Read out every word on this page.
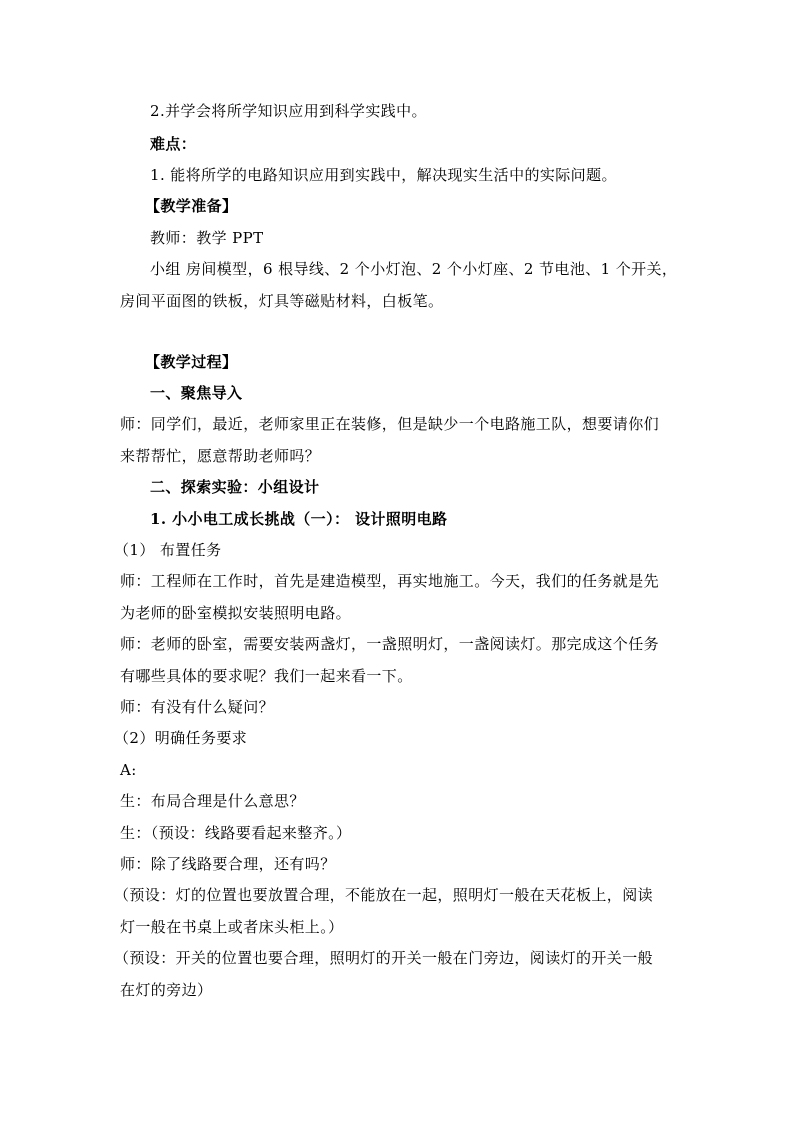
2.并学会将所学知识应用到科学实践中。
难点：
1. 能将所学的电路知识应用到实践中，解决现实生活中的实际问题。
【教学准备】
教师：教学 PPT
小组 房间模型，6 根导线、2 个小灯泡、2 个小灯座、2 节电池、1 个开关，
房间平面图的铁板，灯具等磁贴材料，白板笔。
【教学过程】
一、聚焦导入
师：同学们，最近，老师家里正在装修，但是缺少一个电路施工队，想要请你们
来帮帮忙，愿意帮助老师吗？
二、探索实验：小组设计
1. 小小电工成长挑战（一）： 设计照明电路
（1） 布置任务
师：工程师在工作时，首先是建造模型，再实地施工。今天，我们的任务就是先
为老师的卧室模拟安装照明电路。
师：老师的卧室，需要安装两盏灯，一盏照明灯，一盏阅读灯。那完成这个任务
有哪些具体的要求呢？我们一起来看一下。
师：有没有什么疑问？
（2）明确任务要求
A:
生：布局合理是什么意思？
生：（预设：线路要看起来整齐。）
师：除了线路要合理，还有吗？
（预设：灯的位置也要放置合理，不能放在一起，照明灯一般在天花板上，阅读
灯一般在书桌上或者床头柜上。）
（预设：开关的位置也要合理，照明灯的开关一般在门旁边，阅读灯的开关一般
在灯的旁边）
